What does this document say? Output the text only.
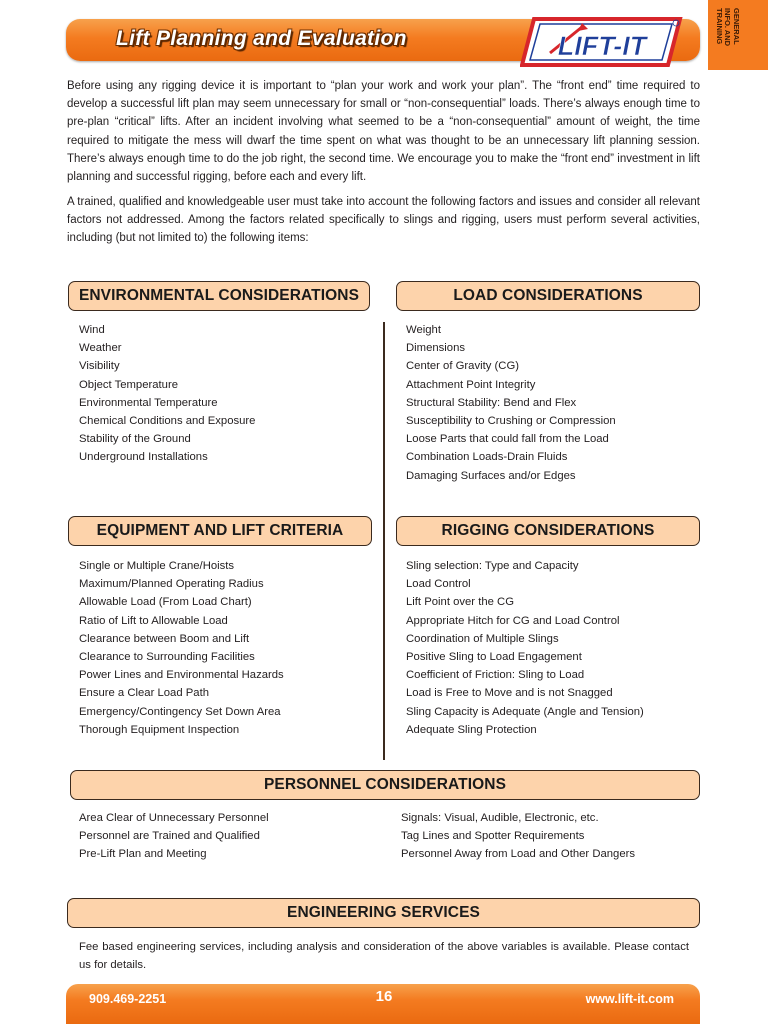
GENERAL
INFO. AND
TRAINING
Lift Planning and Evaluation	LIFT-IT

Before using any rigging device it is important to “plan your work and work your plan”. The “front end” time required to develop a successful lift plan may seem unnecessary for small or “non-consequential” loads. There’s always enough time to pre-plan “critical” lifts. After an incident involving what seemed to be a “non-consequential” amount of weight, the time required to mitigate the mess will dwarf the time spent on what was thought to be an unnecessary lift planning session. There’s always enough time to do the job right, the second time. We encourage you to make the “front end” investment in lift planning and successful rigging, before each and every lift.

A trained, qualified and knowledgeable user must take into account the following factors and issues and consider all relevant factors not addressed. Among the factors related specifically to slings and rigging, users must perform several activities, including (but not limited to) the following items:

ENVIRONMENTAL CONSIDERATIONS
Wind
Weather
Visibility
Object Temperature
Environmental Temperature
Chemical Conditions and Exposure
Stability of the Ground
Underground Installations
LOAD CONSIDERATIONS
Weight
Dimensions
Center of Gravity (CG)
Attachment Point Integrity
Structural Stability: Bend and Flex
Susceptibility to Crushing or Compression
Loose Parts that could fall from the Load
Combination Loads-Drain Fluids
Damaging Surfaces and/or Edges
EQUIPMENT AND LIFT CRITERIA
Single or Multiple Crane/Hoists
Maximum/Planned Operating Radius
Allowable Load (From Load Chart)
Ratio of Lift to Allowable Load
Clearance between Boom and Lift
Clearance to Surrounding Facilities
Power Lines and Environmental Hazards
Ensure a Clear Load Path
Emergency/Contingency Set Down Area
Thorough Equipment Inspection
RIGGING CONSIDERATIONS
Sling selection: Type and Capacity
Load Control
Lift Point over the CG
Appropriate Hitch for CG and Load Control
Coordination of Multiple Slings
Positive Sling to Load Engagement
Coefficient of Friction: Sling to Load
Load is Free to Move and is not Snagged
Sling Capacity is Adequate (Angle and Tension)
Adequate Sling Protection
PERSONNEL CONSIDERATIONS
Area Clear of Unnecessary Personnel
Personnel are Trained and Qualified
Pre-Lift Plan and Meeting
Signals: Visual, Audible, Electronic, etc.
Tag Lines and Spotter Requirements
Personnel Away from Load and Other Dangers
ENGINEERING SERVICES

Fee based engineering services, including analysis and consideration of the above variables is available. Please contact us for details.

909.469-2251	16	www.lift-it.com
